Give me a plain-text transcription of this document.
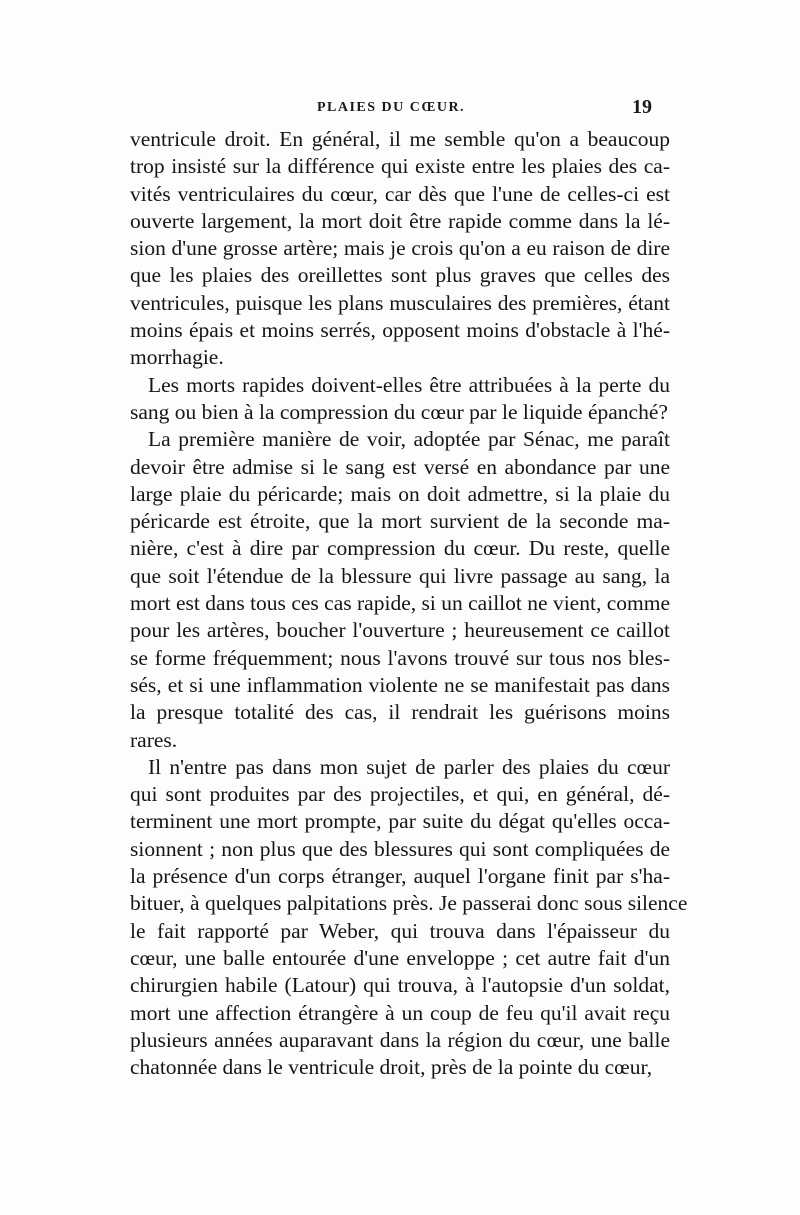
PLAIES DU CŒUR.	19
ventricule droit. En général, il me semble qu'on a beaucoup
trop insisté sur la différence qui existe entre les plaies des ca-
vités ventriculaires du cœur, car dès que l'une de celles-ci est
ouverte largement, la mort doit être rapide comme dans la lé-
sion d'une grosse artère; mais je crois qu'on a eu raison de dire
que les plaies des oreillettes sont plus graves que celles des
ventricules, puisque les plans musculaires des premières, étant
moins épais et moins serrés, opposent moins d'obstacle à l'hé-
morrhagie.
Les morts rapides doivent-elles être attribuées à la perte du
sang ou bien à la compression du cœur par le liquide épanché?
La première manière de voir, adoptée par Sénac, me paraît
devoir être admise si le sang est versé en abondance par une
large plaie du péricarde; mais on doit admettre, si la plaie du
péricarde est étroite, que la mort survient de la seconde ma-
nière, c'est à dire par compression du cœur. Du reste, quelle
que soit l'étendue de la blessure qui livre passage au sang, la
mort est dans tous ces cas rapide, si un caillot ne vient, comme
pour les artères, boucher l'ouverture ; heureusement ce caillot
se forme fréquemment; nous l'avons trouvé sur tous nos bles-
sés, et si une inflammation violente ne se manifestait pas dans
la presque totalité des cas, il rendrait les guérisons moins
rares.
Il n'entre pas dans mon sujet de parler des plaies du cœur
qui sont produites par des projectiles, et qui, en général, dé-
terminent une mort prompte, par suite du dégat qu'elles occa-
sionnent ; non plus que des blessures qui sont compliquées de
la présence d'un corps étranger, auquel l'organe finit par s'ha-
bituer, à quelques palpitations près. Je passerai donc sous silence
le fait rapporté par Weber, qui trouva dans l'épaisseur du
cœur, une balle entourée d'une enveloppe ; cet autre fait d'un
chirurgien habile (Latour) qui trouva, à l'autopsie d'un soldat,
mort une affection étrangère à un coup de feu qu'il avait reçu
plusieurs années auparavant dans la région du cœur, une balle
chatonnée dans le ventricule droit, près de la pointe du cœur,
